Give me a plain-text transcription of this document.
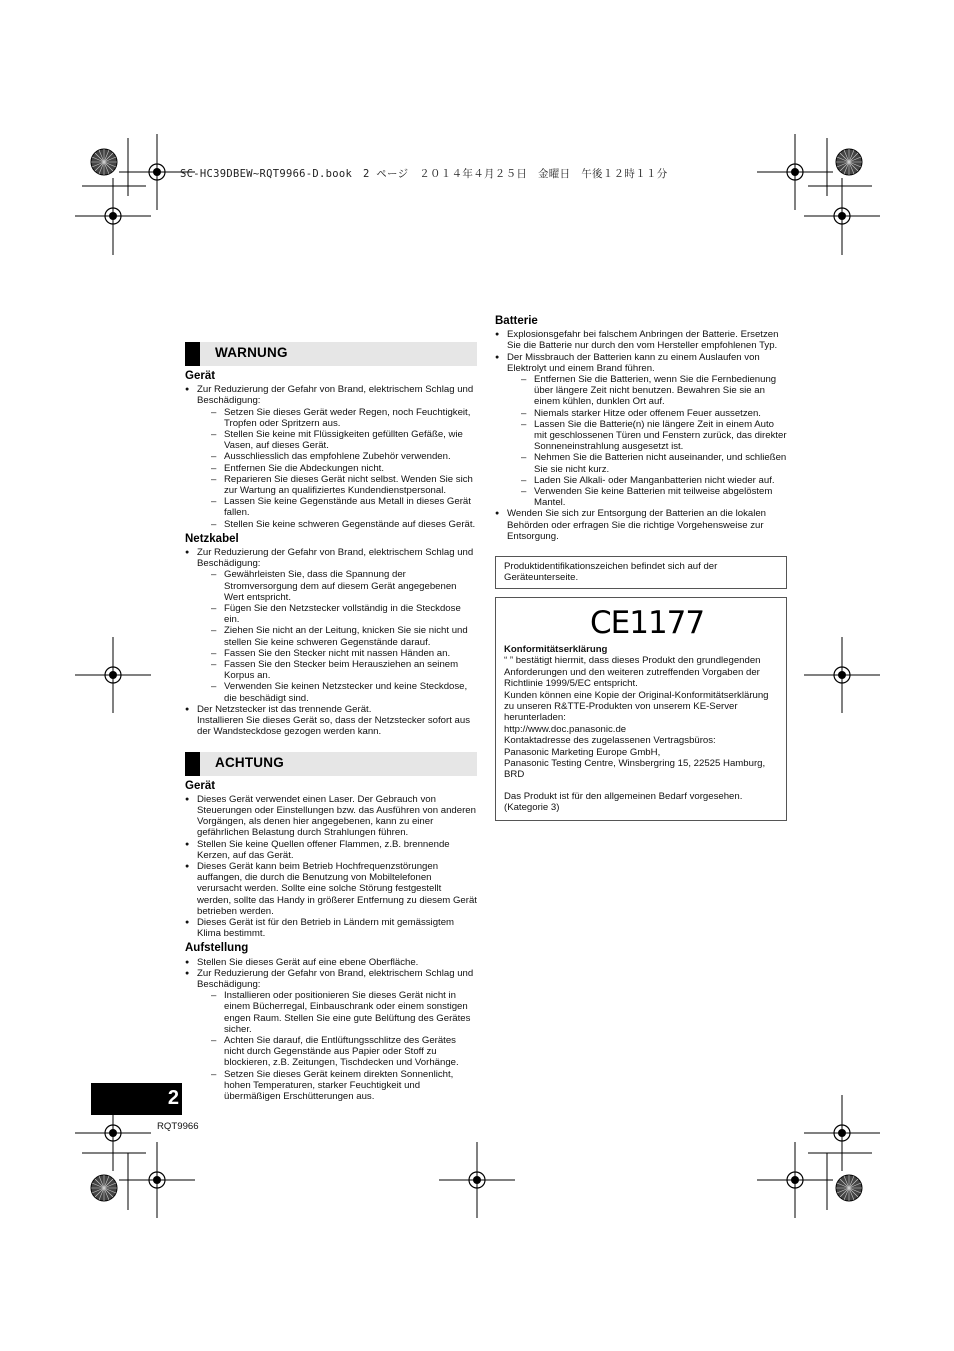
SC-HC39DBEW~RQT9966-D.book　2 ページ　２０１４年４月２５日　金曜日　午後１２時１１分
WARNUNG
Gerät
● Zur Reduzierung der Gefahr von Brand, elektrischem Schlag und Beschädigung:
– Setzen Sie dieses Gerät weder Regen, noch Feuchtigkeit, Tropfen oder Spritzern aus.
– Stellen Sie keine mit Flüssigkeiten gefüllten Gefäße, wie Vasen, auf dieses Gerät.
– Ausschliesslich das empfohlene Zubehör verwenden.
– Entfernen Sie die Abdeckungen nicht.
– Reparieren Sie dieses Gerät nicht selbst. Wenden Sie sich zur Wartung an qualifiziertes Kundendienstpersonal.
– Lassen Sie keine Gegenstände aus Metall in dieses Gerät fallen.
– Stellen Sie keine schweren Gegenstände auf dieses Gerät.
Netzkabel
● Zur Reduzierung der Gefahr von Brand, elektrischem Schlag und Beschädigung:
– Gewährleisten Sie, dass die Spannung der Stromversorgung dem auf diesem Gerät angegebenen Wert entspricht.
– Fügen Sie den Netzstecker vollständig in die Steckdose ein.
– Ziehen Sie nicht an der Leitung, knicken Sie sie nicht und stellen Sie keine schweren Gegenstände darauf.
– Fassen Sie den Stecker nicht mit nassen Händen an.
– Fassen Sie den Stecker beim Herausziehen an seinem Korpus an.
– Verwenden Sie keinen Netzstecker und keine Steckdose, die beschädigt sind.
● Der Netzstecker ist das trennende Gerät.
Installieren Sie dieses Gerät so, dass der Netzstecker sofort aus der Wandsteckdose gezogen werden kann.
ACHTUNG
Gerät
● Dieses Gerät verwendet einen Laser. Der Gebrauch von Steuerungen oder Einstellungen bzw. das Ausführen von anderen Vorgängen, als denen hier angegebenen, kann zu einer gefährlichen Belastung durch Strahlungen führen.
● Stellen Sie keine Quellen offener Flammen, z.B. brennende Kerzen, auf das Gerät.
● Dieses Gerät kann beim Betrieb Hochfrequenzstörungen auffangen, die durch die Benutzung von Mobiltelefonen verursacht werden. Sollte eine solche Störung festgestellt werden, sollte das Handy in größerer Entfernung zu diesem Gerät betrieben werden.
● Dieses Gerät ist für den Betrieb in Ländern mit gemässigtem Klima bestimmt.
Aufstellung
● Stellen Sie dieses Gerät auf eine ebene Oberfläche.
● Zur Reduzierung der Gefahr von Brand, elektrischem Schlag und Beschädigung:
– Installieren oder positionieren Sie dieses Gerät nicht in einem Bücherregal, Einbauschrank oder einem sonstigen engen Raum. Stellen Sie eine gute Belüftung des Gerätes sicher.
– Achten Sie darauf, die Entlüftungsschlitze des Gerätes nicht durch Gegenstände aus Papier oder Stoff zu blockieren, z.B. Zeitungen, Tischdecken und Vorhänge.
– Setzen Sie dieses Gerät keinem direkten Sonnenlicht, hohen Temperaturen, starker Feuchtigkeit und übermäßigen Erschütterungen aus.
Batterie
● Explosionsgefahr bei falschem Anbringen der Batterie. Ersetzen Sie die Batterie nur durch den vom Hersteller empfohlenen Typ.
● Der Missbrauch der Batterien kann zu einem Auslaufen von Elektrolyt und einem Brand führen.
– Entfernen Sie die Batterien, wenn Sie die Fernbedienung über längere Zeit nicht benutzen. Bewahren Sie sie an einem kühlen, dunklen Ort auf.
– Niemals starker Hitze oder offenem Feuer aussetzen.
– Lassen Sie die Batterie(n) nie längere Zeit in einem Auto mit geschlossenen Türen und Fenstern zurück, das direkter Sonneneinstrahlung ausgesetzt ist.
– Nehmen Sie die Batterien nicht auseinander, und schließen Sie sie nicht kurz.
– Laden Sie Alkali- oder Manganbatterien nicht wieder auf.
– Verwenden Sie keine Batterien mit teilweise abgelöstem Mantel.
● Wenden Sie sich zur Entsorgung der Batterien an die lokalen Behörden oder erfragen Sie die richtige Vorgehensweise zur Entsorgung.

Produktidentifikationszeichen befindet sich auf der Geräteunterseite.

CE1177
Konformitätserklärung

“ ” bestätigt hiermit, dass dieses Produkt den grundlegenden Anforderungen und den weiteren zutreffenden Vorgaben der Richtlinie 1999/5/EC entspricht.

Kunden können eine Kopie der Original-Konformitätserklärung zu unseren R&TTE-Produkten von unserem KE-Server herunterladen:

http://www.doc.panasonic.de

Kontaktadresse des zugelassenen Vertragsbüros:

Panasonic Marketing Europe GmbH,

Panasonic Testing Centre, Winsbergring 15, 22525 Hamburg, BRD

Das Produkt ist für den allgemeinen Bedarf vorgesehen. (Kategorie 3)

2
RQT9966
